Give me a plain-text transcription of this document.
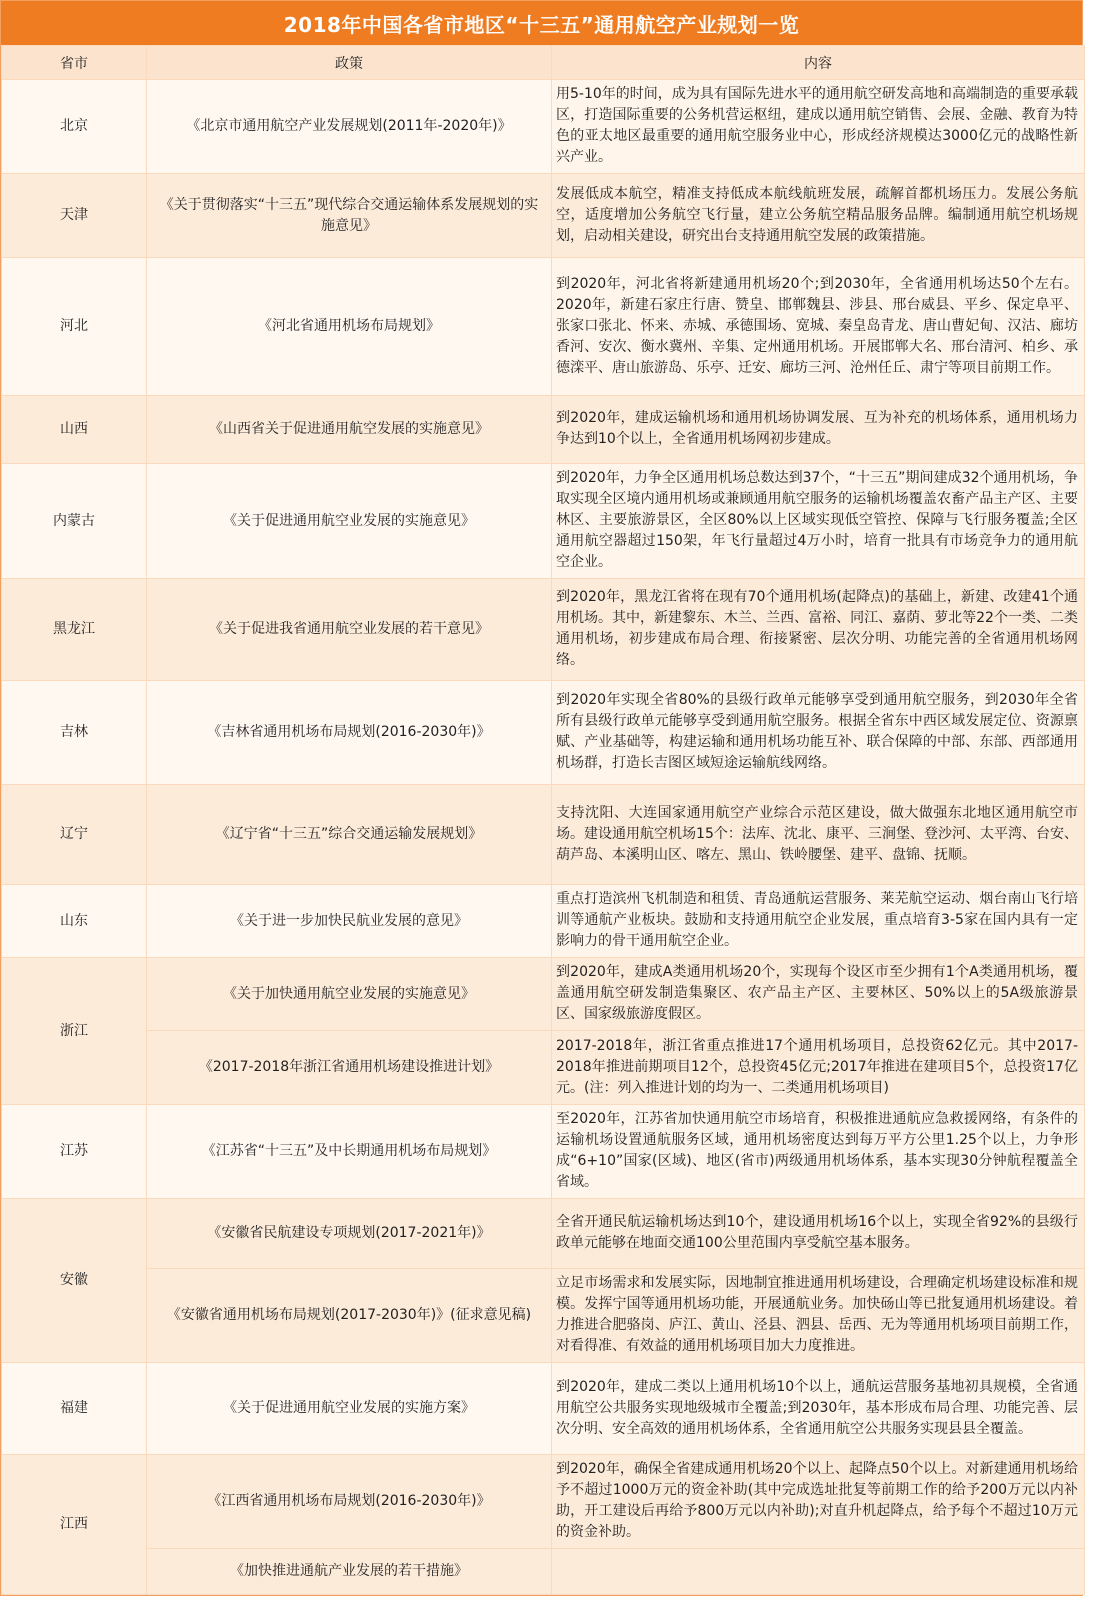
2018年中国各省市地区“十三五”通用航空产业规划一览
省市	政策	内容
北京	《北京市通用航空产业发展规划(2011年-2020年)》	用5-10年的时间，成为具有国际先进水平的通用航空研发高地和高端制造的重要承载区，打造国际重要的公务机营运枢纽，建成以通用航空销售、会展、金融、教育为特色的亚太地区最重要的通用航空服务业中心，形成经济规模达3000亿元的战略性新兴产业。
天津	《关于贯彻落实“十三五”现代综合交通运输体系发展规划的实施意见》	发展低成本航空，精准支持低成本航线航班发展，疏解首都机场压力。发展公务航空，适度增加公务航空飞行量，建立公务航空精品服务品牌。编制通用航空机场规划，启动相关建设，研究出台支持通用航空发展的政策措施。
河北	《河北省通用机场布局规划》	到2020年，河北省将新建通用机场20个;到2030年，全省通用机场达50个左右。2020年，新建石家庄行唐、赞皇、邯郸魏县、涉县、邢台威县、平乡、保定阜平、张家口张北、怀来、赤城、承德围场、宽城、秦皇岛青龙、唐山曹妃甸、汉沽、廊坊香河、安次、衡水冀州、辛集、定州通用机场。开展邯郸大名、邢台清河、柏乡、承德滦平、唐山旅游岛、乐亭、迁安、廊坊三河、沧州任丘、肃宁等项目前期工作。
山西	《山西省关于促进通用航空发展的实施意见》	到2020年，建成运输机场和通用机场协调发展、互为补充的机场体系，通用机场力争达到10个以上，全省通用机场网初步建成。
内蒙古	《关于促进通用航空业发展的实施意见》	到2020年，力争全区通用机场总数达到37个，“十三五”期间建成32个通用机场，争取实现全区境内通用机场或兼顾通用航空服务的运输机场覆盖农畜产品主产区、主要林区、主要旅游景区，全区80%以上区域实现低空管控、保障与飞行服务覆盖;全区通用航空器超过150架，年飞行量超过4万小时，培育一批具有市场竞争力的通用航空企业。
黑龙江	《关于促进我省通用航空业发展的若干意见》	到2020年，黑龙江省将在现有70个通用机场(起降点)的基础上，新建、改建41个通用机场。其中，新建黎东、木兰、兰西、富裕、同江、嘉荫、萝北等22个一类、二类通用机场，初步建成布局合理、衔接紧密、层次分明、功能完善的全省通用机场网络。
吉林	《吉林省通用机场布局规划(2016-2030年)》	到2020年实现全省80%的县级行政单元能够享受到通用航空服务，到2030年全省所有县级行政单元能够享受到通用航空服务。根据全省东中西区域发展定位、资源禀赋、产业基础等，构建运输和通用机场功能互补、联合保障的中部、东部、西部通用机场群，打造长吉图区域短途运输航线网络。
辽宁	《辽宁省“十三五”综合交通运输发展规划》	支持沈阳、大连国家通用航空产业综合示范区建设，做大做强东北地区通用航空市场。建设通用航空机场15个：法库、沈北、康平、三涧堡、登沙河、太平湾、台安、葫芦岛、本溪明山区、喀左、黑山、铁岭腰堡、建平、盘锦、抚顺。
山东	《关于进一步加快民航业发展的意见》	重点打造滨州飞机制造和租赁、青岛通航运营服务、莱芜航空运动、烟台南山飞行培训等通航产业板块。鼓励和支持通用航空企业发展，重点培育3-5家在国内具有一定影响力的骨干通用航空企业。
浙江	《关于加快通用航空业发展的实施意见》	到2020年，建成A类通用机场20个，实现每个设区市至少拥有1个A类通用机场，覆盖通用航空研发制造集聚区、农产品主产区、主要林区、50%以上的5A级旅游景区、国家级旅游度假区。
	《2017-2018年浙江省通用机场建设推进计划》	2017-2018年，浙江省重点推进17个通用机场项目，总投资62亿元。其中2017-2018年推进前期项目12个，总投资45亿元;2017年推进在建项目5个，总投资17亿元。(注：列入推进计划的均为一、二类通用机场项目)
江苏	《江苏省“十三五”及中长期通用机场布局规划》	至2020年，江苏省加快通用航空市场培育，积极推进通航应急救援网络，有条件的运输机场设置通航服务区域，通用机场密度达到每万平方公里1.25个以上，力争形成“6+10”国家(区域)、地区(省市)两级通用机场体系，基本实现30分钟航程覆盖全省域。
安徽	《安徽省民航建设专项规划(2017-2021年)》	全省开通民航运输机场达到10个，建设通用机场16个以上，实现全省92%的县级行政单元能够在地面交通100公里范围内享受航空基本服务。
	《安徽省通用机场布局规划(2017-2030年)》(征求意见稿)	立足市场需求和发展实际，因地制宜推进通用机场建设，合理确定机场建设标准和规模。发挥宁国等通用机场功能，开展通航业务。加快砀山等已批复通用机场建设。着力推进合肥骆岗、庐江、黄山、泾县、泗县、岳西、无为等通用机场项目前期工作，对看得准、有效益的通用机场项目加大力度推进。
福建	《关于促进通用航空业发展的实施方案》	到2020年，建成二类以上通用机场10个以上，通航运营服务基地初具规模，全省通用航空公共服务实现地级城市全覆盖;到2030年，基本形成布局合理、功能完善、层次分明、安全高效的通用机场体系，全省通用航空公共服务实现县县全覆盖。
江西	《江西省通用机场布局规划(2016-2030年)》	到2020年，确保全省建成通用机场20个以上、起降点50个以上。对新建通用机场给予不超过1000万元的资金补助(其中完成选址批复等前期工作的给予200万元以内补助，开工建设后再给予800万元以内补助);对直升机起降点，给予每个不超过10万元的资金补助。
	《加快推进通航产业发展的若干措施》	
